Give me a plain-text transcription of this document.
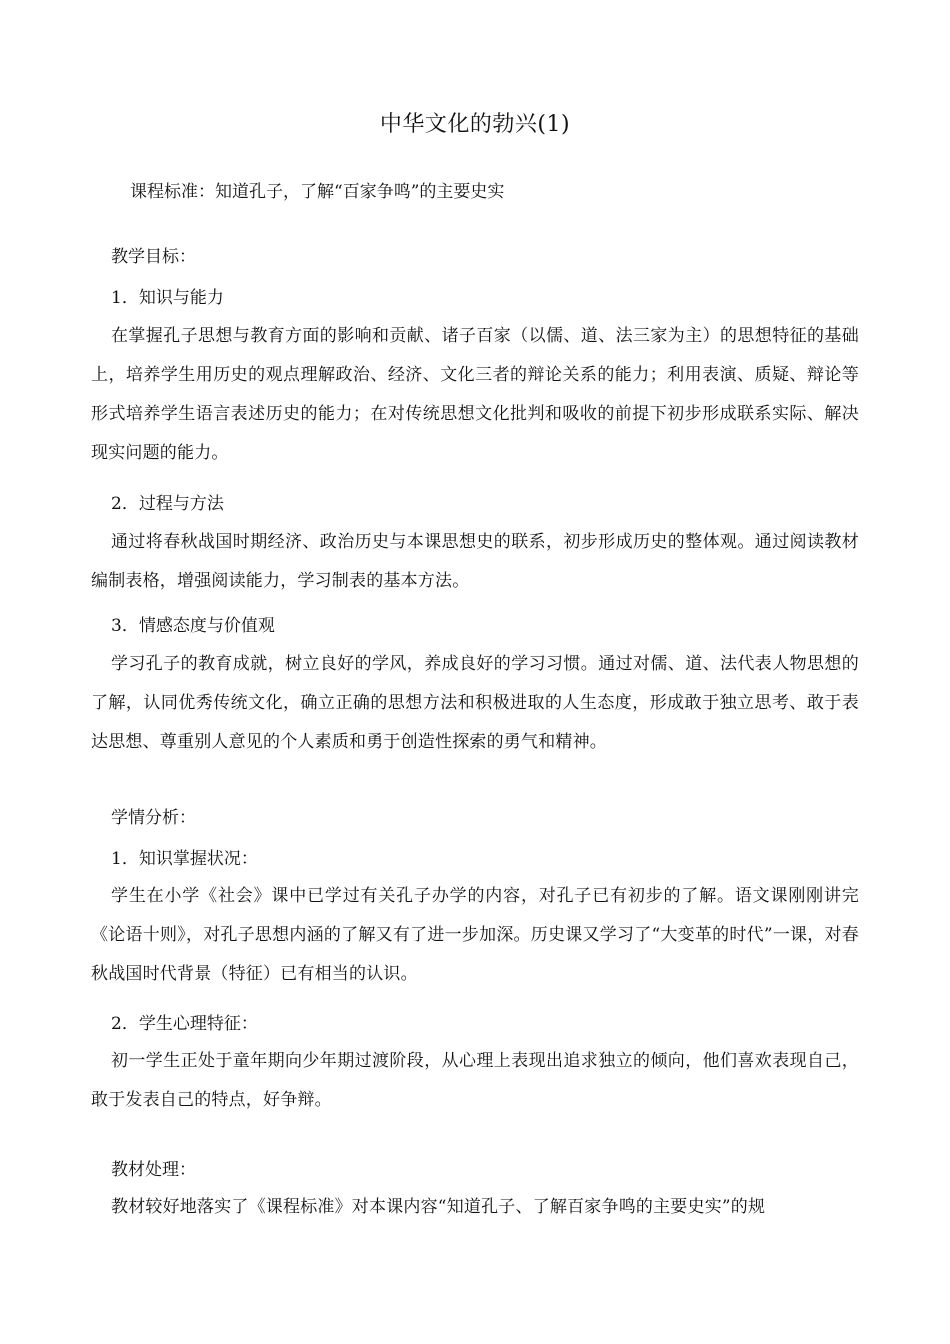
中华文化的勃兴(1)
课程标准：知道孔子，了解“百家争鸣”的主要史实
教学目标：
1．知识与能力
在掌握孔子思想与教育方面的影响和贡献、诸子百家（以儒、道、法三家为主）的思想特征的基础上，培养学生用历史的观点理解政治、经济、文化三者的辩论关系的能力；利用表演、质疑、辩论等形式培养学生语言表述历史的能力；在对传统思想文化批判和吸收的前提下初步形成联系实际、解决现实问题的能力。
2．过程与方法
通过将春秋战国时期经济、政治历史与本课思想史的联系，初步形成历史的整体观。通过阅读教材编制表格，增强阅读能力，学习制表的基本方法。
3．情感态度与价值观
学习孔子的教育成就，树立良好的学风，养成良好的学习习惯。通过对儒、道、法代表人物思想的了解，认同优秀传统文化，确立正确的思想方法和积极进取的人生态度，形成敢于独立思考、敢于表达思想、尊重别人意见的个人素质和勇于创造性探索的勇气和精神。
学情分析：
1．知识掌握状况：
学生在小学《社会》课中已学过有关孔子办学的内容，对孔子已有初步的了解。语文课刚刚讲完《论语十则》，对孔子思想内涵的了解又有了进一步加深。历史课又学习了“大变革的时代”一课，对春秋战国时代背景（特征）已有相当的认识。
2．学生心理特征：
初一学生正处于童年期向少年期过渡阶段，从心理上表现出追求独立的倾向，他们喜欢表现自己，敢于发表自己的特点，好争辩。
教材处理：
教材较好地落实了《课程标准》对本课内容“知道孔子、了解百家争鸣的主要史实”的规
